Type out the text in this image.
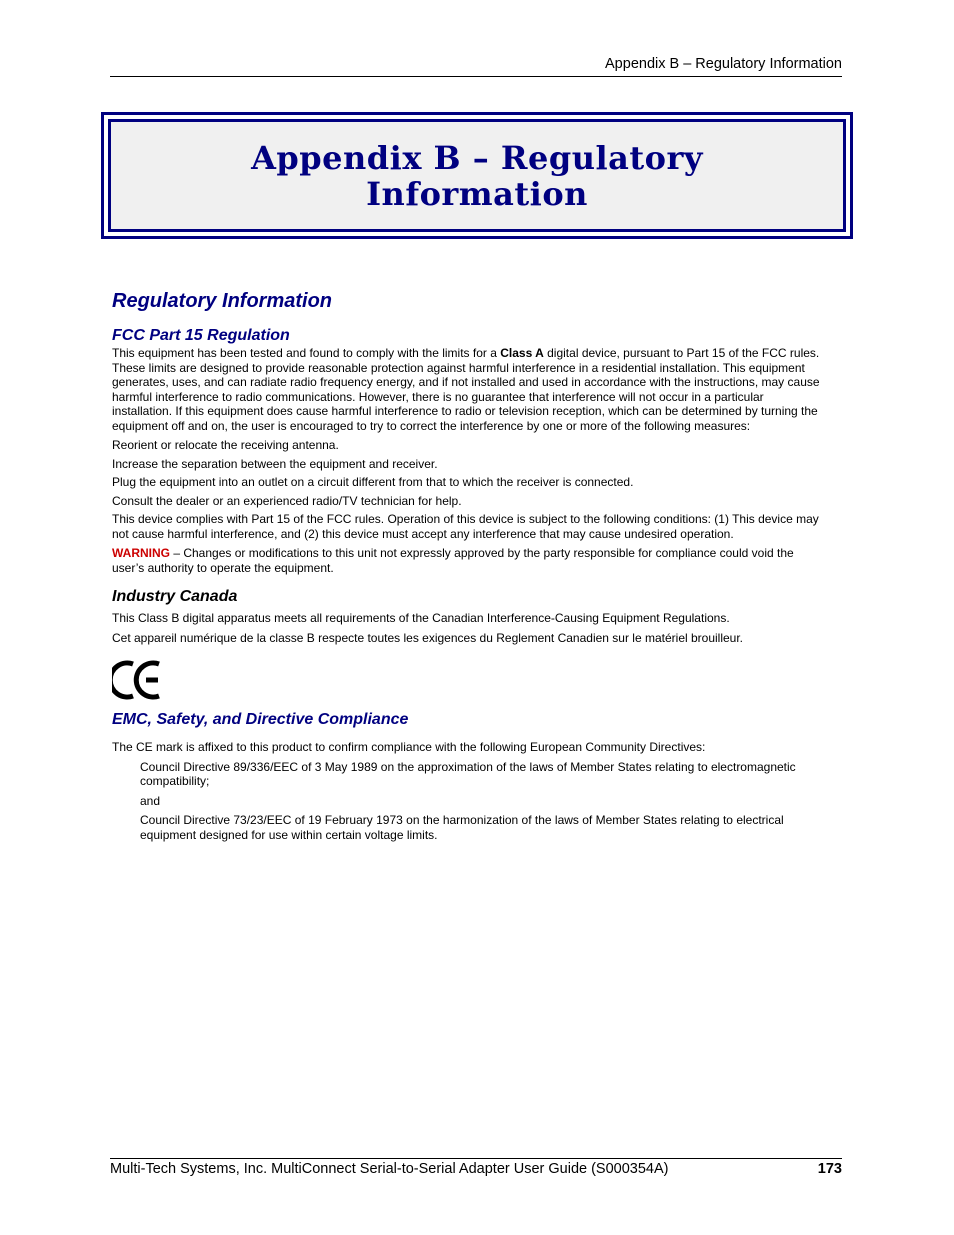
Appendix B – Regulatory Information
Appendix B – Regulatory
Information
Regulatory Information
FCC Part 15 Regulation

This equipment has been tested and found to comply with the limits for a Class A digital device, pursuant to Part 15 of the FCC rules. These limits are designed to provide reasonable protection against harmful interference in a residential installation. This equipment generates, uses, and can radiate radio frequency energy, and if not installed and used in accordance with the instructions, may cause harmful interference to radio communications. However, there is no guarantee that interference will not occur in a particular installation. If this equipment does cause harmful interference to radio or television reception, which can be determined by turning the equipment off and on, the user is encouraged to try to correct the interference by one or more of the following measures:

Reorient or relocate the receiving antenna.

Increase the separation between the equipment and receiver.

Plug the equipment into an outlet on a circuit different from that to which the receiver is connected.

Consult the dealer or an experienced radio/TV technician for help.

This device complies with Part 15 of the FCC rules. Operation of this device is subject to the following conditions: (1) This device may not cause harmful interference, and (2) this device must accept any interference that may cause undesired operation.

WARNING – Changes or modifications to this unit not expressly approved by the party responsible for compliance could void the user’s authority to operate the equipment.

Industry Canada

This Class B digital apparatus meets all requirements of the Canadian Interference-Causing Equipment Regulations.

Cet appareil numérique de la classe B respecte toutes les exigences du Reglement Canadien sur le matériel brouilleur.

EMC, Safety, and Directive Compliance

The CE mark is affixed to this product to confirm compliance with the following European Community Directives:

Council Directive 89/336/EEC of 3 May 1989 on the approximation of the laws of Member States relating to electromagnetic compatibility;

and

Council Directive 73/23/EEC of 19 February 1973 on the harmonization of the laws of Member States relating to electrical equipment designed for use within certain voltage limits.

Multi-Tech Systems, Inc. MultiConnect Serial-to-Serial Adapter User Guide (S000354A)	173
